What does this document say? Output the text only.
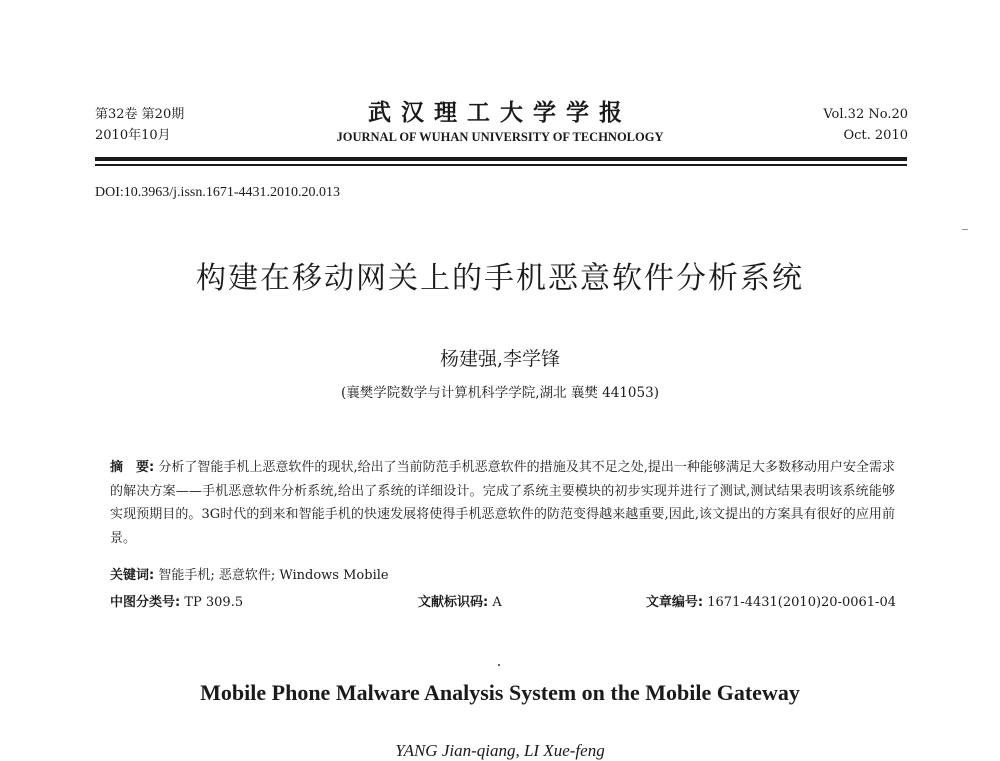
第32卷 第20期
2010年10月
武汉理工大学学报
JOURNAL OF WUHAN UNIVERSITY OF TECHNOLOGY
Vol.32 No.20
Oct. 2010
DOI:10.3963/j.issn.1671-4431.2010.20.013
构建在移动网关上的手机恶意软件分析系统
杨建强,李学锋
(襄樊学院数学与计算机科学学院,湖北 襄樊 441053)
摘　要: 分析了智能手机上恶意软件的现状,给出了当前防范手机恶意软件的措施及其不足之处,提出一种能够满足大多数移动用户安全需求的解决方案——手机恶意软件分析系统,给出了系统的详细设计。完成了系统主要模块的初步实现并进行了测试,测试结果表明该系统能够实现预期目的。3G时代的到来和智能手机的快速发展将使得手机恶意软件的防范变得越来越重要,因此,该文提出的方案具有很好的应用前景。
关键词: 智能手机; 恶意软件; Windows Mobile
中图分类号: TP 309.5	文献标识码: A	文章编号: 1671-4431(2010)20-0061-04
Mobile Phone Malware Analysis System on the Mobile Gateway
YANG Jian-qiang, LI Xue-feng
